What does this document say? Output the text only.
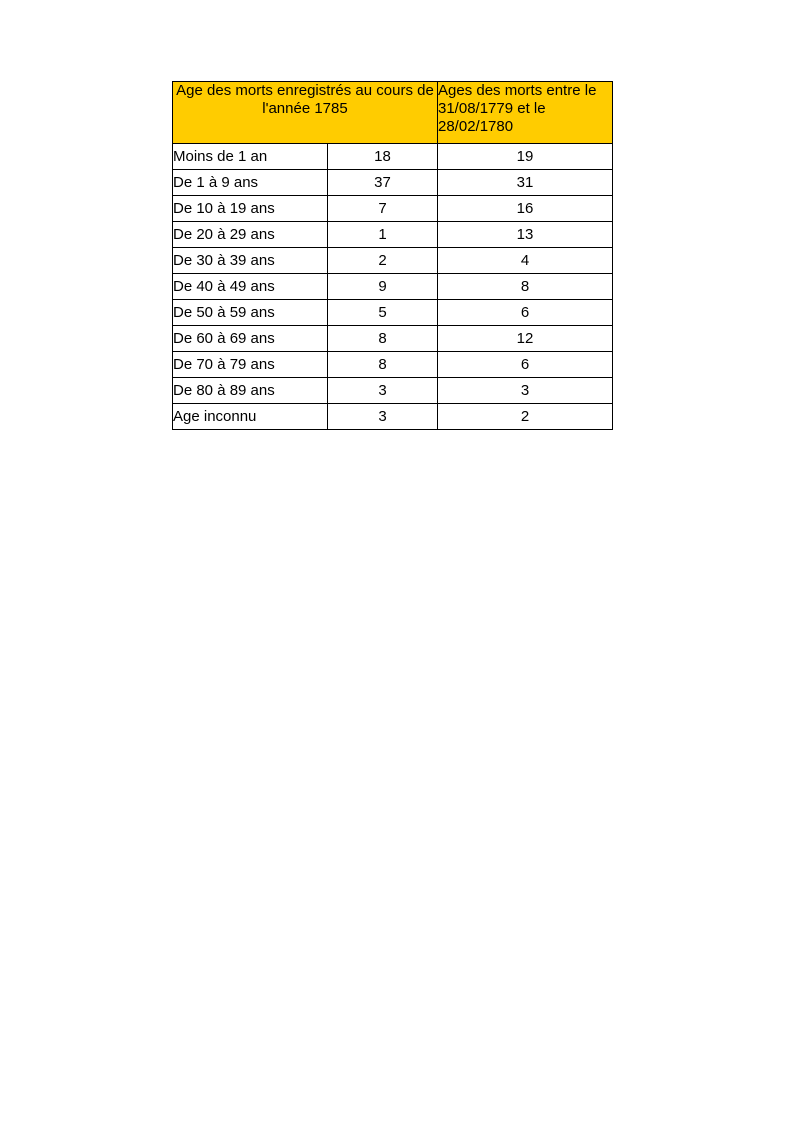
Age des morts enregistrés au cours de l'année 1785		Ages des morts entre le 31/08/1779 et le 28/02/1780
Moins de 1 an	18	19
De 1 à 9 ans	37	31
De 10 à 19 ans	7	16
De 20 à 29 ans	1	13
De 30 à 39 ans	2	4
De 40 à 49 ans	9	8
De 50 à 59 ans	5	6
De 60 à 69 ans	8	12
De 70 à 79 ans	8	6
De 80 à 89 ans	3	3
Age inconnu	3	2
